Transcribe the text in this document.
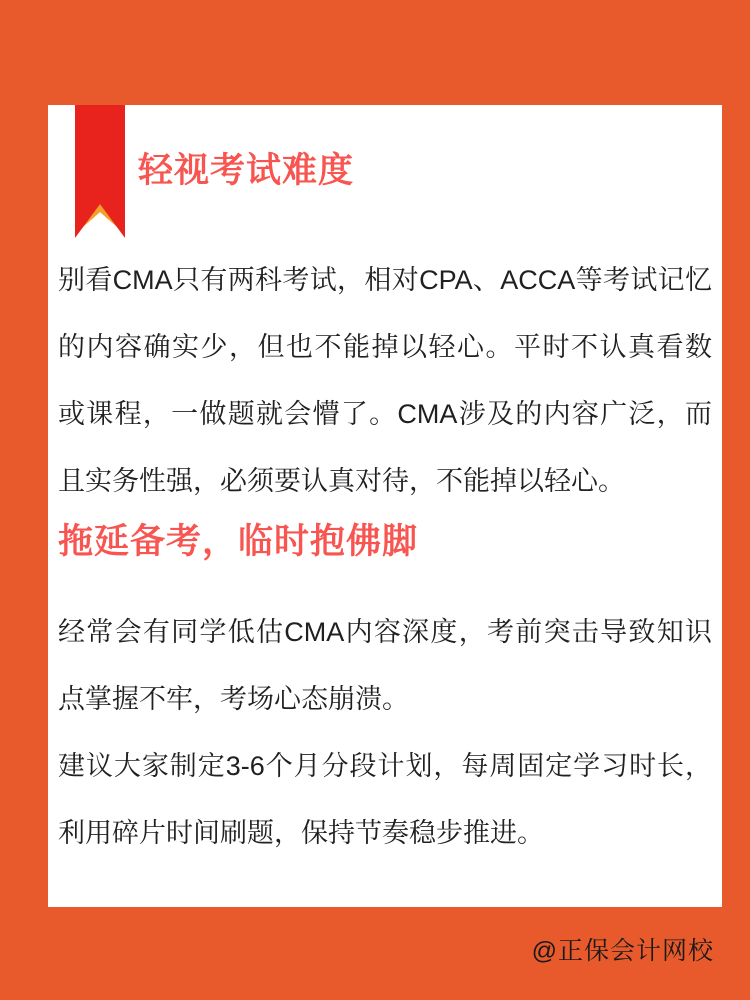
轻视考试难度
别看CMA只有两科考试，相对CPA、ACCA等考试记忆
的内容确实少，但也不能掉以轻心。平时不认真看数
或课程，一做题就会懵了。CMA涉及的内容广泛，而
且实务性强，必须要认真对待，不能掉以轻心。
拖延备考，临时抱佛脚
经常会有同学低估CMA内容深度，考前突击导致知识
点掌握不牢，考场心态崩溃。
建议大家制定3-6个月分段计划，每周固定学习时长，
利用碎片时间刷题，保持节奏稳步推进。
@正保会计网校
